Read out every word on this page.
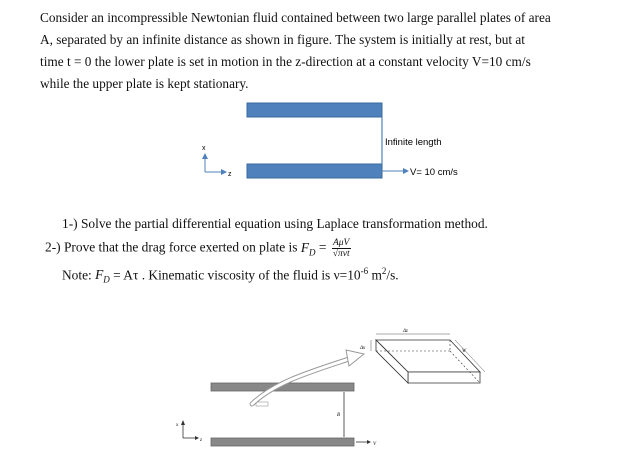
Consider an incompressible Newtonian fluid contained between two large parallel plates of area
A, separated by an infinite distance as shown in figure. The system is initially at rest, but at
time t = 0 the lower plate is set in motion in the z-direction at a constant velocity V=10 cm/s
while the upper plate is kept stationary.
Infinite length
V= 10 cm/s
x
z
1-) Solve the partial differential equation using Laplace transformation method.
2-) Prove that the drag force exerted on plate is $F_D = \frac{\text{AμV}}{\text{√πνt}}$
Note: $F_D = A\tau$ . Kinematic viscosity of the fluid is $\nu=10^{-6}$ $m^2/s$.
B
V
x
z
Δz
Δx
W
